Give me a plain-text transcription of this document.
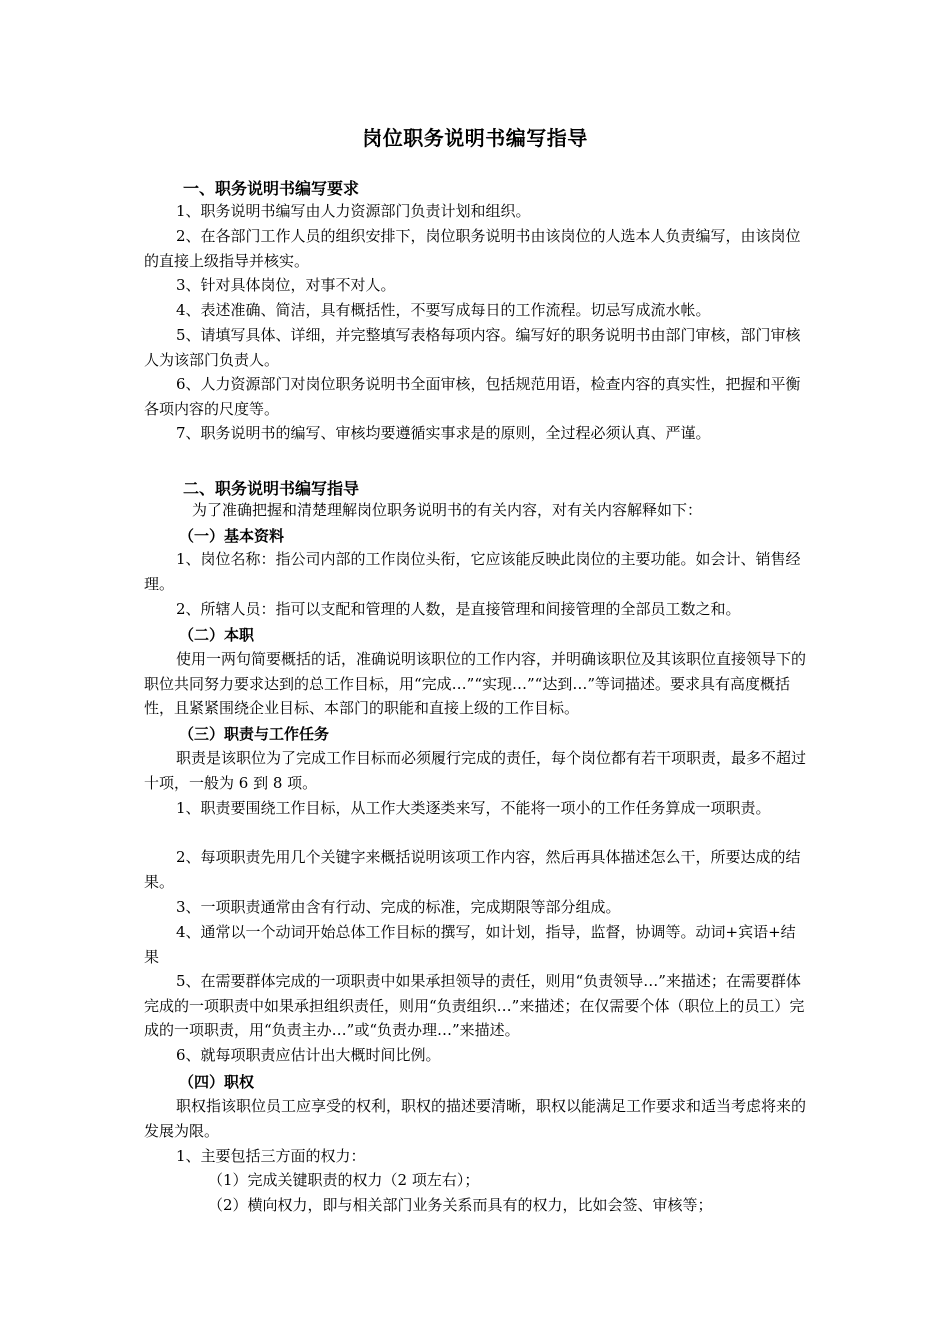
岗位职务说明书编写指导
一、职务说明书编写要求

1、职务说明书编写由人力资源部门负责计划和组织。

2、在各部门工作人员的组织安排下，岗位职务说明书由该岗位的人选本人负责编写，由该岗位的直接上级指导并核实。

3、针对具体岗位，对事不对人。

4、表述准确、简洁，具有概括性，不要写成每日的工作流程。切忌写成流水帐。

5、请填写具体、详细，并完整填写表格每项内容。编写好的职务说明书由部门审核，部门审核人为该部门负责人。

6、人力资源部门对岗位职务说明书全面审核，包括规范用语，检查内容的真实性，把握和平衡各项内容的尺度等。

7、职务说明书的编写、审核均要遵循实事求是的原则，全过程必须认真、严谨。

二、职务说明书编写指导

为了准确把握和清楚理解岗位职务说明书的有关内容，对有关内容解释如下：

（一）基本资料

1、岗位名称：指公司内部的工作岗位头衔，它应该能反映此岗位的主要功能。如会计、销售经理。

2、所辖人员：指可以支配和管理的人数，是直接管理和间接管理的全部员工数之和。

（二）本职

使用一两句简要概括的话，准确说明该职位的工作内容，并明确该职位及其该职位直接领导下的职位共同努力要求达到的总工作目标，用“完成…”“实现…”“达到…”等词描述。要求具有高度概括性，且紧紧围绕企业目标、本部门的职能和直接上级的工作目标。

（三）职责与工作任务

职责是该职位为了完成工作目标而必须履行完成的责任，每个岗位都有若干项职责，最多不超过十项，一般为 6 到 8 项。

1、职责要围绕工作目标，从工作大类逐类来写，不能将一项小的工作任务算成一项职责。

2、每项职责先用几个关键字来概括说明该项工作内容，然后再具体描述怎么干，所要达成的结果。

3、一项职责通常由含有行动、完成的标准，完成期限等部分组成。

4、通常以一个动词开始总体工作目标的撰写，如计划，指导，监督，协调等。动词+宾语+结果

5、在需要群体完成的一项职责中如果承担领导的责任，则用“负责领导…”来描述；在需要群体完成的一项职责中如果承担组织责任，则用“负责组织…”来描述；在仅需要个体（职位上的员工）完成的一项职责，用“负责主办…”或“负责办理…”来描述。

6、就每项职责应估计出大概时间比例。

（四）职权

职权指该职位员工应享受的权利，职权的描述要清晰，职权以能满足工作要求和适当考虑将来的发展为限。

1、主要包括三方面的权力：

（1）完成关键职责的权力（2 项左右）；

（2）横向权力，即与相关部门业务关系而具有的权力，比如会签、审核等；
